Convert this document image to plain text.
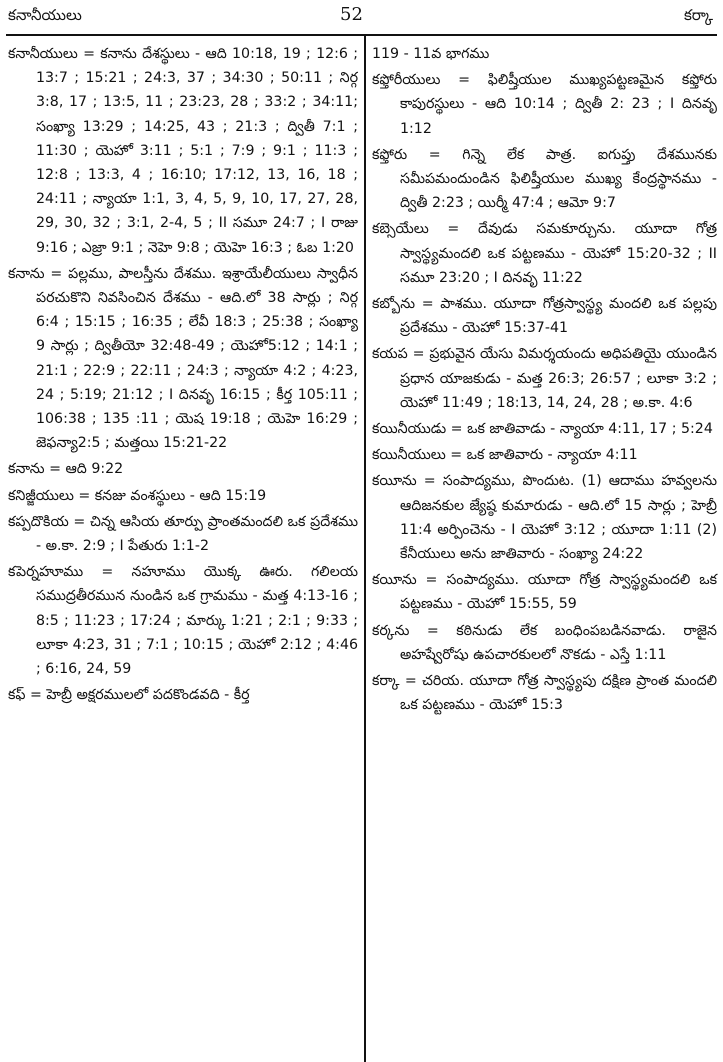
కనానీయులు	52	కర్కా

కనానీయులు = కనాను దేశస్థులు - ఆది 10:18, 19 ; 12:6 ; 13:7 ; 15:21 ; 24:3, 37 ; 34:30 ; 50:11 ; నిర్గ 3:8, 17 ; 13:5, 11 ; 23:23, 28 ; 33:2 ; 34:11; సంఖ్యా 13:29 ; 14:25, 43 ; 21:3 ; ద్వితీ 7:1 ; 11:30 ; యెహో 3:11 ; 5:1 ; 7:9 ; 9:1 ; 11:3 ; 12:8 ; 13:3, 4 ; 16:10; 17:12, 13, 16, 18 ; 24:11 ; న్యాయా 1:1, 3, 4, 5, 9, 10, 17, 27, 28, 29, 30, 32 ; 3:1, 2-4, 5 ; II సమూ 24:7 ; I రాజు 9:16 ; ఎజ్రా 9:1 ; నెహె 9:8 ; యెహె 16:3 ; ఓబ 1:20

కనాను = పల్లము, పాలస్తీను దేశము. ఇశ్రాయేలీయులు స్వాధీన పరచుకొని నివసించిన దేశము - ఆది.లో 38 సార్లు ; నిర్గ 6:4 ; 15:15 ; 16:35 ; లేవీ 18:3 ; 25:38 ; సంఖ్యా 9 సార్లు ; ద్వితీయో 32:48-49 ; యెహో5:12 ; 14:1 ; 21:1 ; 22:9 ; 22:11 ; 24:3 ; న్యాయా 4:2 ; 4:23, 24 ; 5:19; 21:12 ; I దినవృ 16:15 ; కీర్త 105:11 ; 106:38 ; 135 :11 ; యెష 19:18 ; యెహె 16:29 ; జెఫన్యా2:5 ; మత్తయి 15:21-22

కనాను = ఆది 9:22

కనిజ్జీయులు = కనజు వంశస్థులు - ఆది 15:19

కప్పదొకియ = చిన్న ఆసియ తూర్పు ప్రాంతమందలి ఒక ప్రదేశము - అ.కా. 2:9 ; I పేతురు 1:1-2

కపెర్నహూము = నహూము యొక్క ఊరు. గలిలయ సముద్రతీరమున నుండిన ఒక గ్రామము - మత్త 4:13-16 ; 8:5 ; 11:23 ; 17:24 ; మార్కు 1:21 ; 2:1 ; 9:33 ; లూకా 4:23, 31 ; 7:1 ; 10:15 ; యెహో 2:12 ; 4:46 ; 6:16, 24, 59

కఫ్ = హెబ్రీ అక్షరములలో పదకొండవది - కీర్త

119 - 11వ భాగము

కఫ్తోరీయులు = ఫిలిష్తీయుల ముఖ్యపట్టణమైన కఫ్తోరు కాపురస్థులు - ఆది 10:14 ; ద్వితీ 2: 23 ; I దినవృ 1:12

కఫ్తోరు = గిన్నె లేక పాత్ర. ఐగుప్తు దేశమునకు సమీపమందుండిన ఫిలిష్తీయుల ముఖ్య కేంద్రస్థానము - ద్వితీ 2:23 ; యిర్మీ 47:4 ; ఆమో 9:7

కబ్సెయేలు = దేవుడు సమకూర్చును. యూదా గోత్ర స్వాస్థ్యమందలి ఒక పట్టణము - యెహో 15:20-32 ; II సమూ 23:20 ; I దినవృ 11:22

కబ్బోను = పాశము. యూదా గోత్రస్వాస్థ్య మందలి ఒక పల్లపు ప్రదేశము - యెహో 15:37-41

కయప = ప్రభువైన యేసు విమర్శయందు అధిపతియై యుండిన ప్రధాన యాజకుడు - మత్త 26:3; 26:57 ; లూకా 3:2 ; యెహో 11:49 ; 18:13, 14, 24, 28 ; అ.కా. 4:6

కయినీయుడు = ఒక జాతివాడు - న్యాయా 4:11, 17 ; 5:24

కయినీయులు = ఒక జాతివారు - న్యాయా 4:11

కయీను = సంపాద్యము, పొందుట. (1) ఆదాము హవ్వలను ఆదిజనకుల జ్యేష్ఠ కుమారుడు - ఆది.లో 15 సార్లు ; హెబ్రీ 11:4 అర్పించెను - I యెహో 3:12 ; యూదా 1:11 (2) కేనీయులు అను జాతివారు - సంఖ్యా 24:22

కయీను = సంపాద్యము. యూదా గోత్ర స్వాస్థ్యమందలి ఒక పట్టణము - యెహో 15:55, 59

కర్కను = కఠినుడు లేక బంధింపబడినవాడు. రాజైన అహష్వేరోషు ఉపచారకులలో నొకడు - ఎస్తే 1:11

కర్కా = చరియ. యూదా గోత్ర స్వాస్థ్యపు దక్షిణ ప్రాంత మందలి ఒక పట్టణము - యెహో 15:3
